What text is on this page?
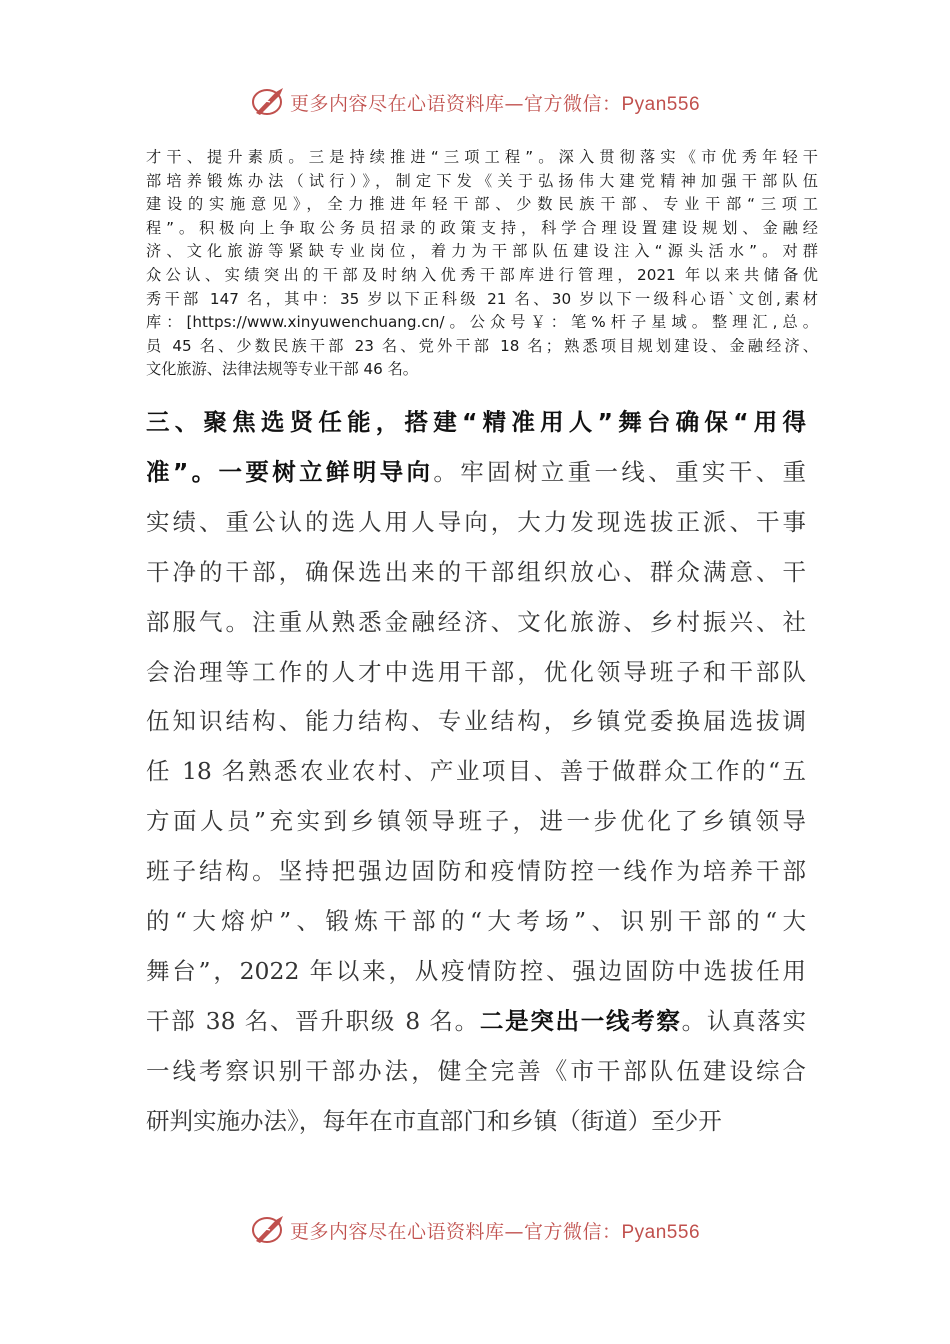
更多内容尽在心语资料库—官方微信：Pyan556
才干、提升素质。三是持续推进“三项工程”。深入贯彻落实《市优秀年轻干
部培养锻炼办法（试行）》，制定下发《关于弘扬伟大建党精神加强干部队伍
建设的实施意见》，全力推进年轻干部、少数民族干部、专业干部“三项工
程”。积极向上争取公务员招录的政策支持，科学合理设置建设规划、金融经
济、文化旅游等紧缺专业岗位，着力为干部队伍建设注入“源头活水”。对群
众公认、实绩突出的干部及时纳入优秀干部库进行管理，2021 年以来共储备优
秀干部 147 名，其中：35 岁以下正科级 21 名、30 岁以下一级科心语`文创,素材
库：[https://www.xinyuwenchuang.cn/。公众号￥：笔%杆子星域。整理汇,总。
员 45 名、少数民族干部 23 名、党外干部 18 名；熟悉项目规划建设、金融经济、
文化旅游、法律法规等专业干部 46 名。
三、聚焦选贤任能，搭建“精准用人”舞台确保“用得
准”。一要树立鲜明导向。牢固树立重一线、重实干、重
实绩、重公认的选人用人导向，大力发现选拔正派、干事
干净的干部，确保选出来的干部组织放心、群众满意、干
部服气。注重从熟悉金融经济、文化旅游、乡村振兴、社
会治理等工作的人才中选用干部，优化领导班子和干部队
伍知识结构、能力结构、专业结构，乡镇党委换届选拔调
任 18 名熟悉农业农村、产业项目、善于做群众工作的“五
方面人员”充实到乡镇领导班子，进一步优化了乡镇领导
班子结构。坚持把强边固防和疫情防控一线作为培养干部
的“大熔炉”、锻炼干部的“大考场”、识别干部的“大
舞台”，2022 年以来，从疫情防控、强边固防中选拔任用
干部 38 名、晋升职级 8 名。二是突出一线考察。认真落实
一线考察识别干部办法，健全完善《市干部队伍建设综合
研判实施办法》，每年在市直部门和乡镇（街道）至少开
更多内容尽在心语资料库—官方微信：Pyan556
